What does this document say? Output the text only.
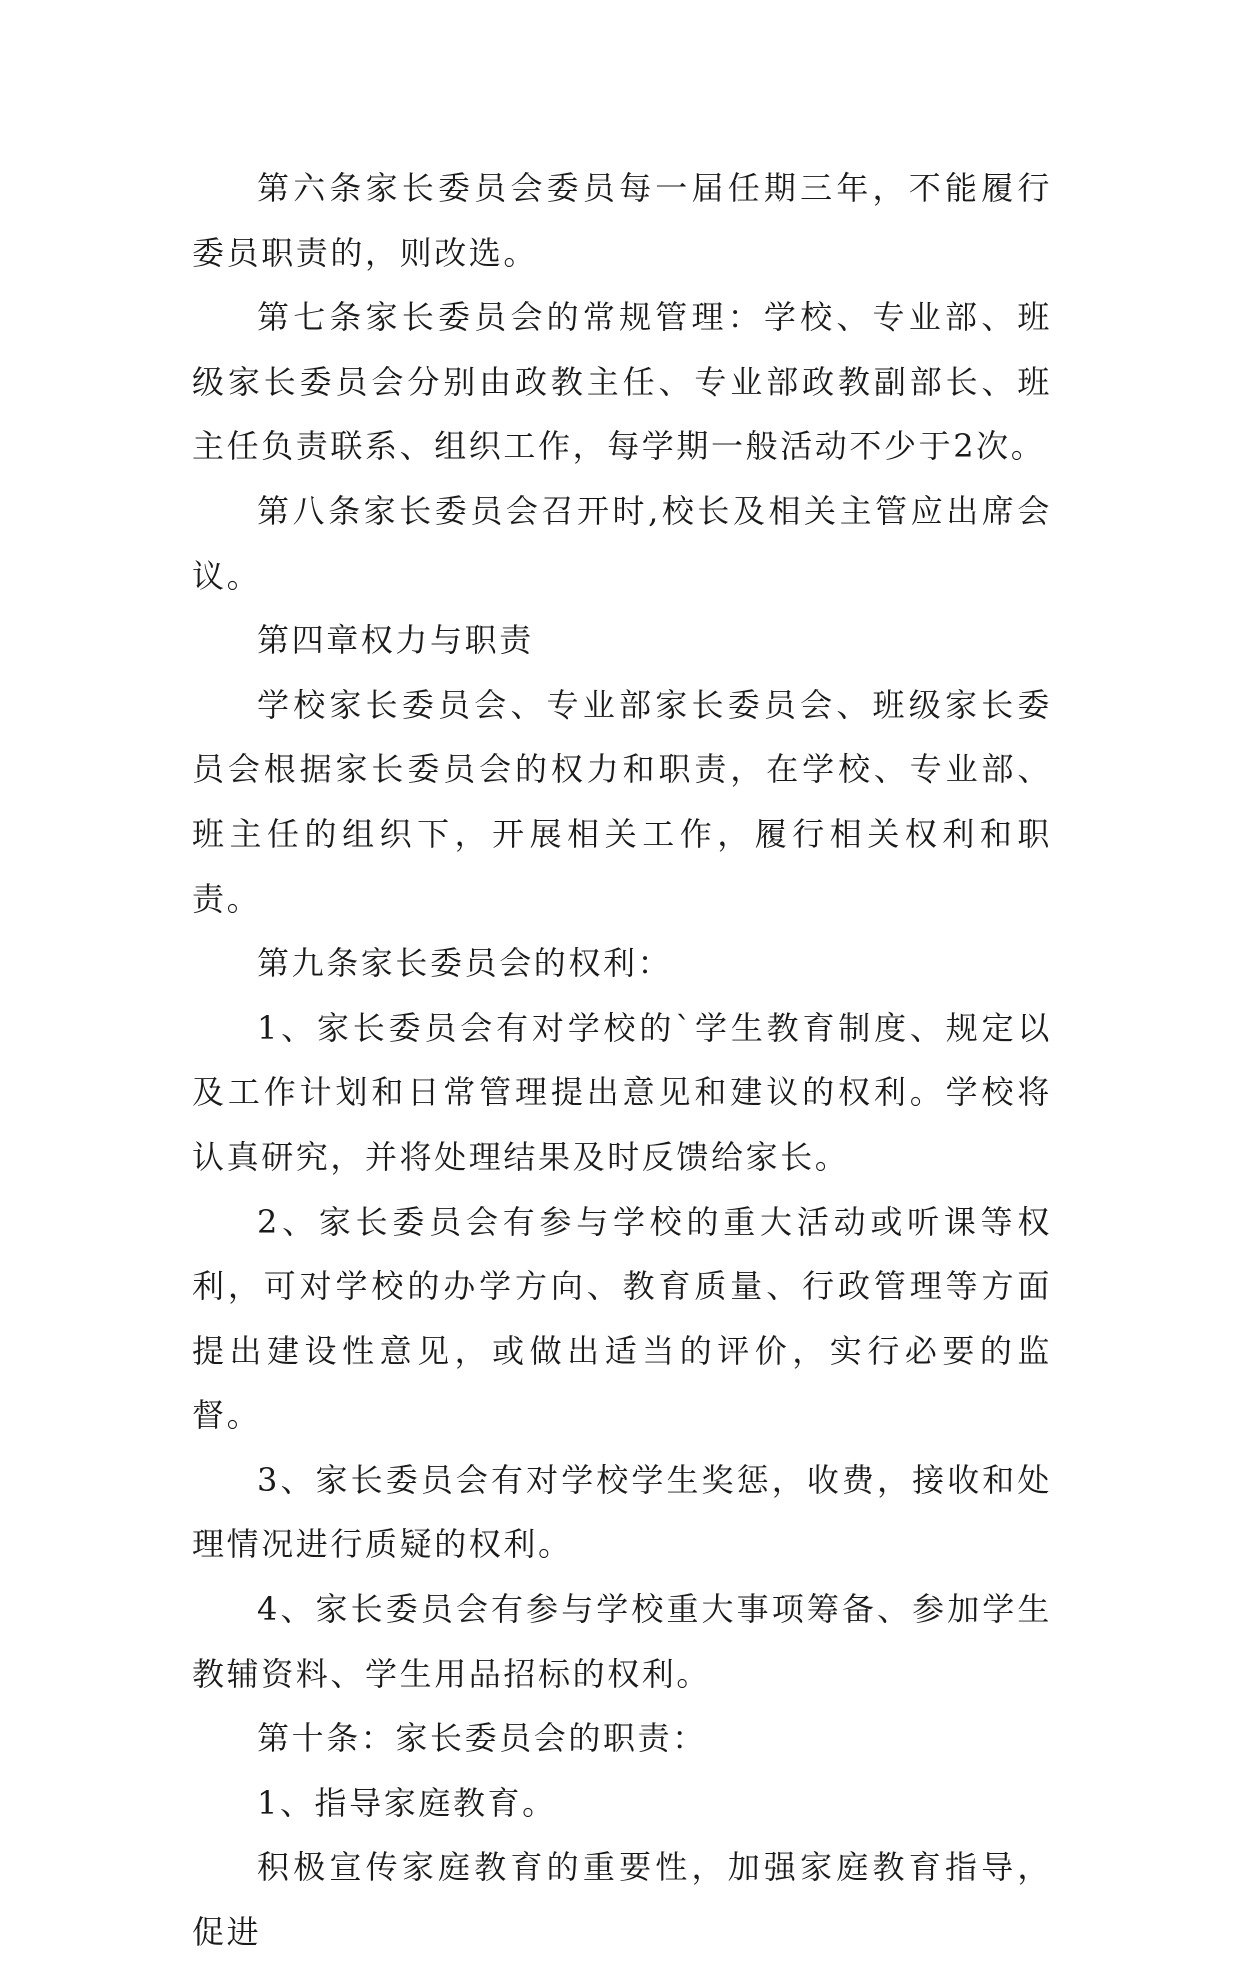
第六条家长委员会委员每一届任期三年，不能履行委员职责的，则改选。

第七条家长委员会的常规管理：学校、专业部、班级家长委员会分别由政教主任、专业部政教副部长、班主任负责联系、组织工作，每学期一般活动不少于2次。

第八条家长委员会召开时,校长及相关主管应出席会议。

第四章权力与职责

学校家长委员会、专业部家长委员会、班级家长委员会根据家长委员会的权力和职责，在学校、专业部、班主任的组织下，开展相关工作，履行相关权利和职责。

第九条家长委员会的权利：

1、家长委员会有对学校的`学生教育制度、规定以及工作计划和日常管理提出意见和建议的权利。学校将认真研究，并将处理结果及时反馈给家长。

2、家长委员会有参与学校的重大活动或听课等权利，可对学校的办学方向、教育质量、行政管理等方面提出建设性意见，或做出适当的评价，实行必要的监督。

3、家长委员会有对学校学生奖惩，收费，接收和处理情况进行质疑的权利。

4、家长委员会有参与学校重大事项筹备、参加学生教辅资料、学生用品招标的权利。

第十条：家长委员会的职责：

1、指导家庭教育。

积极宣传家庭教育的重要性，加强家庭教育指导，促进
